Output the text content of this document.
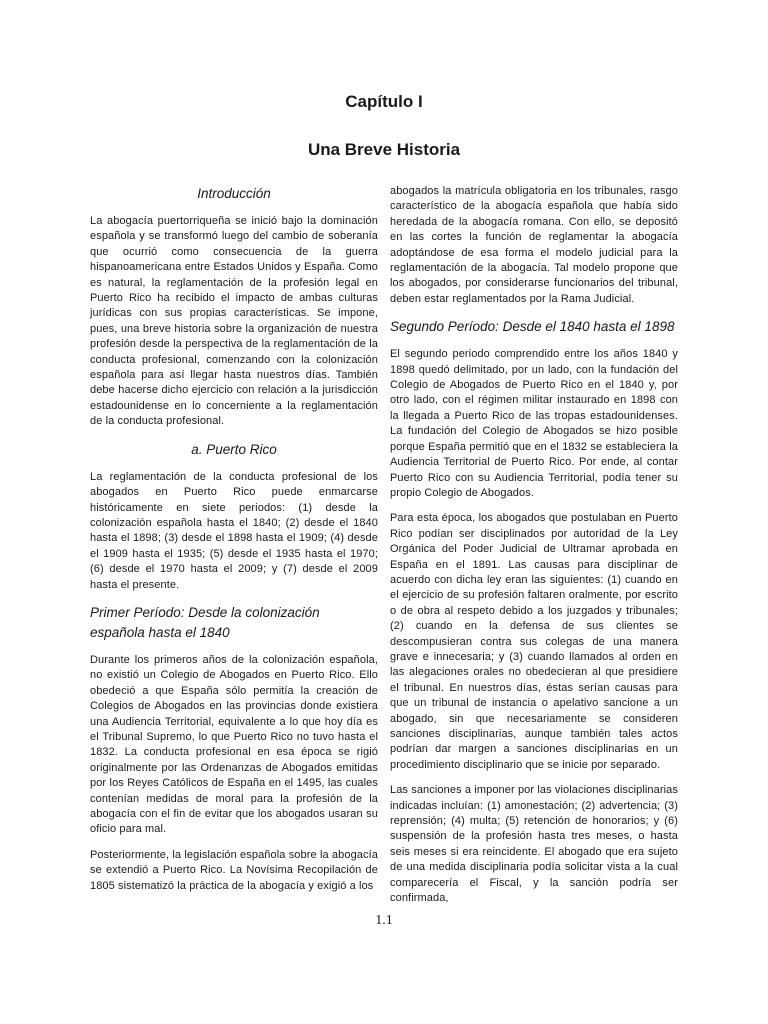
Capítulo I
Una Breve Historia
Introducción

La abogacía puertorriqueña se inició bajo la dominación española y se transformó luego del cambio de soberanía que ocurrió como consecuencia de la guerra hispanoamericana entre Estados Unidos y España. Como es natural, la reglamentación de la profesión legal en Puerto Rico ha recibido el impacto de ambas culturas jurídicas con sus propias características. Se impone, pues, una breve historia sobre la organización de nuestra profesión desde la perspectiva de la reglamentación de la conducta profesional, comenzando con la colonización española para así llegar hasta nuestros días. También debe hacerse dicho ejercicio con relación a la jurisdicción estadounidense en lo concerniente a la reglamentación de la conducta profesional.

a. Puerto Rico

La reglamentación de la conducta profesional de los abogados en Puerto Rico puede enmarcarse históricamente en siete periodos: (1) desde la colonización española hasta el 1840; (2) desde el 1840 hasta el 1898; (3) desde el 1898 hasta el 1909; (4) desde el 1909 hasta el 1935; (5) desde el 1935 hasta el 1970; (6) desde el 1970 hasta el 2009; y (7) desde el 2009 hasta el presente.

Primer Período: Desde la colonización española hasta el 1840

Durante los primeros años de la colonización española, no existió un Colegio de Abogados en Puerto Rico. Ello obedeció a que España sólo permitía la creación de Colegios de Abogados en las provincias donde existiera una Audiencia Territorial, equivalente a lo que hoy día es el Tribunal Supremo, lo que Puerto Rico no tuvo hasta el 1832. La conducta profesional en esa época se rigió originalmente por las Ordenanzas de Abogados emitidas por los Reyes Católicos de España en el 1495, las cuales contenían medidas de moral para la profesión de la abogacía con el fin de evitar que los abogados usaran su oficio para mal.

Posteriormente, la legislación española sobre la abogacía se extendió a Puerto Rico. La Novísima Recopilación de 1805 sistematizó la práctica de la abogacía y exigió a los

abogados la matrícula obligatoria en los tribunales, rasgo característico de la abogacía española que había sido heredada de la abogacía romana. Con ello, se depositó en las cortes la función de reglamentar la abogacía adoptándose de esa forma el modelo judicial para la reglamentación de la abogacía. Tal modelo propone que los abogados, por considerarse funcionarios del tribunal, deben estar reglamentados por la Rama Judicial.

Segundo Período: Desde el 1840 hasta el 1898

El segundo periodo comprendido entre los años 1840 y 1898 quedó delimitado, por un lado, con la fundación del Colegio de Abogados de Puerto Rico en el 1840 y, por otro lado, con el régimen militar instaurado en 1898 con la llegada a Puerto Rico de las tropas estadounidenses. La fundación del Colegio de Abogados se hizo posible porque España permitió que en el 1832 se estableciera la Audiencia Territorial de Puerto Rico. Por ende, al contar Puerto Rico con su Audiencia Territorial, podía tener su propio Colegio de Abogados.

Para esta época, los abogados que postulaban en Puerto Rico podían ser disciplinados por autoridad de la Ley Orgánica del Poder Judicial de Ultramar aprobada en España en el 1891. Las causas para disciplinar de acuerdo con dicha ley eran las siguientes: (1) cuando en el ejercicio de su profesión faltaren oralmente, por escrito o de obra al respeto debido a los juzgados y tribunales; (2) cuando en la defensa de sus clientes se descompusieran contra sus colegas de una manera grave e innecesaria; y (3) cuando llamados al orden en las alegaciones orales no obedecieran al que presidiere el tribunal. En nuestros días, éstas serían causas para que un tribunal de instancia o apelativo sancione a un abogado, sin que necesariamente se consideren sanciones disciplinarias, aunque también tales actos podrían dar margen a sanciones disciplinarias en un procedimiento disciplinario que se inicie por separado.

Las sanciones a imponer por las violaciones disciplinarias indicadas incluían: (1) amonestación; (2) advertencia; (3) reprensión; (4) multa; (5) retención de honorarios; y (6) suspensión de la profesión hasta tres meses, o hasta seis meses si era reincidente. El abogado que era sujeto de una medida disciplinaria podía solicitar vista a la cual comparecería el Fiscal, y la sanción podría ser confirmada,

1.1
